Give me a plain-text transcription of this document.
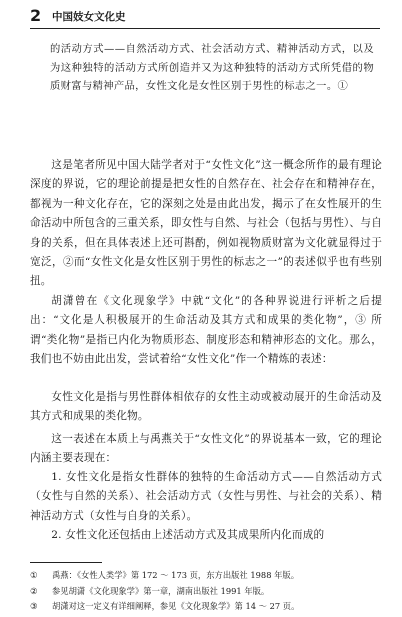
2 中国妓女文化史
的活动方式——自然活动方式、社会活动方式、精神活动方式，以及为这种独特的活动方式所创造并又为这种独特的活动方式所凭借的物质财富与精神产品，女性文化是女性区别于男性的标志之一。①

这是笔者所见中国大陆学者对于“女性文化”这一概念所作的最有理论深度的界说，它的理论前提是把女性的自然存在、社会存在和精神存在，都视为一种文化存在，它的深刻之处是由此出发，揭示了在女性展开的生命活动中所包含的三重关系，即女性与自然、与社会（包括与男性）、与自身的关系，但在具体表述上还可斟酌，例如视物质财富为文化就显得过于宽泛，②而“女性文化是女性区别于男性的标志之一”的表述似乎也有些别扭。

胡潇曾在《文化现象学》中就“文化”的各种界说进行评析之后提出：“文化是人积极展开的生命活动及其方式和成果的类化物”，③ 所谓“类化物”是指已内化为物质形态、制度形态和精神形态的文化。那么，我们也不妨由此出发，尝试着给“女性文化”作一个精炼的表述：

女性文化是指与男性群体相依存的女性主动或被动展开的生命活动及其方式和成果的类化物。

这一表述在本质上与禹燕关于“女性文化”的界说基本一致，它的理论内涵主要表现在：

1. 女性文化是指女性群体的独特的生命活动方式——自然活动方式（女性与自然的关系）、社会活动方式（女性与男性、与社会的关系）、精神活动方式（女性与自身的关系）。

2. 女性文化还包括由上述活动方式及其成果所内化而成的

① 禹燕：《女性人类学》第 172 ～ 173 页，东方出版社 1988 年版。
② 参见胡潇《文化现象学》第一章，湖南出版社 1991 年版。
③ 胡潇对这一定义有详细阐释，参见《文化现象学》第 14 ～ 27 页。
